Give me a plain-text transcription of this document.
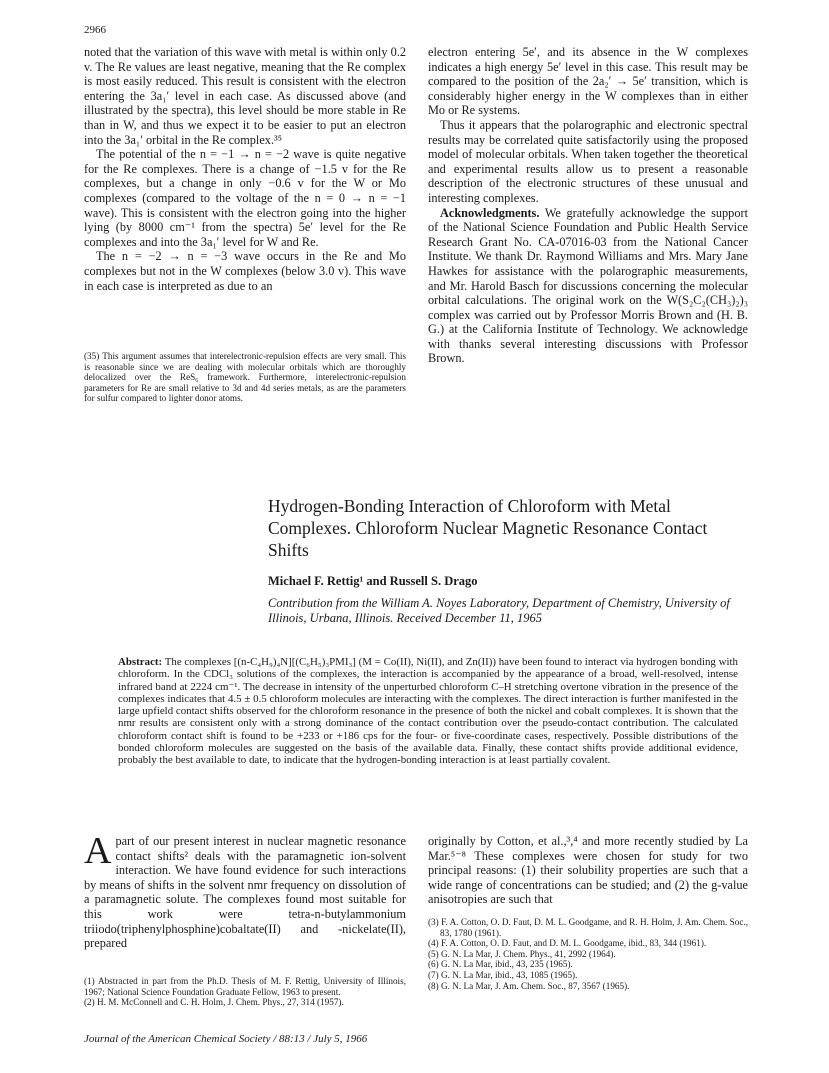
2966

noted that the variation of this wave with metal is within only 0.2 v. The Re values are least negative, meaning that the Re complex is most easily reduced. This result is consistent with the electron entering the 3a₁′ level in each case. As discussed above (and illustrated by the spectra), this level should be more stable in Re than in W, and thus we expect it to be easier to put an electron into the 3a₁′ orbital in the Re complex.³⁵

The potential of the n = −1 → n = −2 wave is quite negative for the Re complexes. There is a change of −1.5 v for the Re complexes, but a change in only −0.6 v for the W or Mo complexes (compared to the voltage of the n = 0 → n = −1 wave). This is consistent with the electron going into the higher lying (by 8000 cm⁻¹ from the spectra) 5e′ level for the Re complexes and into the 3a₁′ level for W and Re.

The n = −2 → n = −3 wave occurs in the Re and Mo complexes but not in the W complexes (below 3.0 v). This wave in each case is interpreted as due to an

(35) This argument assumes that interelectronic-repulsion effects are very small. This is reasonable since we are dealing with molecular orbitals which are thoroughly delocalized over the ReS₆ framework. Furthermore, interelectronic-repulsion parameters for Re are small relative to 3d and 4d series metals, as are the parameters for sulfur compared to lighter donor atoms.

electron entering 5e′, and its absence in the W complexes indicates a high energy 5e′ level in this case. This result may be compared to the position of the 2a₂′ → 5e′ transition, which is considerably higher energy in the W complexes than in either Mo or Re systems.

Thus it appears that the polarographic and electronic spectral results may be correlated quite satisfactorily using the proposed model of molecular orbitals. When taken together the theoretical and experimental results allow us to present a reasonable description of the electronic structures of these unusual and interesting complexes.

Acknowledgments. We gratefully acknowledge the support of the National Science Foundation and Public Health Service Research Grant No. CA-07016-03 from the National Cancer Institute. We thank Dr. Raymond Williams and Mrs. Mary Jane Hawkes for assistance with the polarographic measurements, and Mr. Harold Basch for discussions concerning the molecular orbital calculations. The original work on the W(S₂C₂(CH₃)₂)₃ complex was carried out by Professor Morris Brown and (H. B. G.) at the California Institute of Technology. We acknowledge with thanks several interesting discussions with Professor Brown.

Hydrogen-Bonding Interaction of Chloroform with Metal Complexes. Chloroform Nuclear Magnetic Resonance Contact Shifts
Michael F. Rettig¹ and Russell S. Drago
Contribution from the William A. Noyes Laboratory, Department of Chemistry, University of Illinois, Urbana, Illinois. Received December 11, 1965
Abstract: The complexes [(n-C₄H₉)₄N][(C₆H₅)₃PMI₃] (M = Co(II), Ni(II), and Zn(II)) have been found to interact via hydrogen bonding with chloroform. In the CDCl₃ solutions of the complexes, the interaction is accompanied by the appearance of a broad, well-resolved, intense infrared band at 2224 cm⁻¹. The decrease in intensity of the unperturbed chloroform C–H stretching overtone vibration in the presence of the complexes indicates that 4.5 ± 0.5 chloroform molecules are interacting with the complexes. The direct interaction is further manifested in the large upfield contact shifts observed for the chloroform resonance in the presence of both the nickel and cobalt complexes. It is shown that the nmr results are consistent only with a strong dominance of the contact contribution over the pseudo-contact contribution. The calculated chloroform contact shift is found to be +233 or +186 cps for the four- or five-coordinate cases, respectively. Possible distributions of the bonded chloroform molecules are suggested on the basis of the available data. Finally, these contact shifts provide additional evidence, probably the best available to date, to indicate that the hydrogen-bonding interaction is at least partially covalent.
A part of our present interest in nuclear magnetic resonance contact shifts² deals with the paramagnetic ion-solvent interaction. We have found evidence for such interactions by means of shifts in the solvent nmr frequency on dissolution of a paramagnetic solute. The complexes found most suitable for this work were tetra-n-butylammonium triiodo(triphenylphosphine)cobaltate(II) and -nickelate(II), prepared

(1) Abstracted in part from the Ph.D. Thesis of M. F. Rettig, University of Illinois, 1967; National Science Foundation Graduate Fellow, 1963 to present.

(2) H. M. McConnell and C. H. Holm, J. Chem. Phys., 27, 314 (1957).

originally by Cotton, et al.,³,⁴ and more recently studied by La Mar.⁵⁻⁸ These complexes were chosen for study for two principal reasons: (1) their solubility properties are such that a wide range of concentrations can be studied; and (2) the g-value anisotropies are such that

(3) F. A. Cotton, O. D. Faut, D. M. L. Goodgame, and R. H. Holm, J. Am. Chem. Soc., 83, 1780 (1961).

(4) F. A. Cotton, O. D. Faut, and D. M. L. Goodgame, ibid., 83, 344 (1961).

(5) G. N. La Mar, J. Chem. Phys., 41, 2992 (1964).

(6) G. N. La Mar, ibid., 43, 235 (1965).

(7) G. N. La Mar, ibid., 43, 1085 (1965).

(8) G. N. La Mar, J. Am. Chem. Soc., 87, 3567 (1965).

Journal of the American Chemical Society / 88:13 / July 5, 1966
